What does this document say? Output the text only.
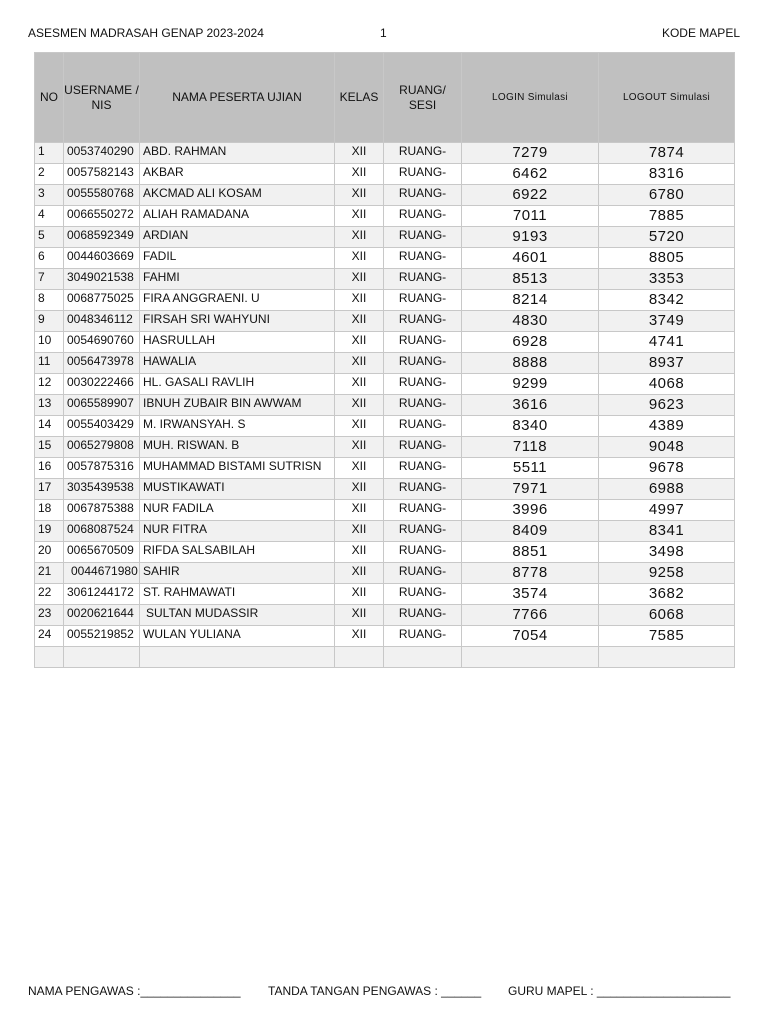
ASESMEN MADRASAH GENAP 2023-2024	1	KODE MAPEL
NO	USERNAME / NIS	NAMA PESERTA UJIAN	KELAS	RUANG/ SESI	LOGIN Simulasi	LOGOUT Simulasi
1	0053740290	ABD. RAHMAN	XII	RUANG-	7279	7874
2	0057582143	AKBAR	XII	RUANG-	6462	8316
3	0055580768	AKCMAD ALI KOSAM	XII	RUANG-	6922	6780
4	0066550272	ALIAH RAMADANA	XII	RUANG-	7011	7885
5	0068592349	ARDIAN	XII	RUANG-	9193	5720
6	0044603669	FADIL	XII	RUANG-	4601	8805
7	3049021538	FAHMI	XII	RUANG-	8513	3353
8	0068775025	FIRA ANGGRAENI. U	XII	RUANG-	8214	8342
9	0048346112	FIRSAH SRI WAHYUNI	XII	RUANG-	4830	3749
10	0054690760	HASRULLAH	XII	RUANG-	6928	4741
11	0056473978	HAWALIA	XII	RUANG-	8888	8937
12	0030222466	HL. GASALI RAVLIH	XII	RUANG-	9299	4068
13	0065589907	IBNUH ZUBAIR BIN AWWAM	XII	RUANG-	3616	9623
14	0055403429	M. IRWANSYAH. S	XII	RUANG-	8340	4389
15	0065279808	MUH. RISWAN. B	XII	RUANG-	7118	9048
16	0057875316	MUHAMMAD BISTAMI SUTRISN	XII	RUANG-	5511	9678
17	3035439538	MUSTIKAWATI	XII	RUANG-	7971	6988
18	0067875388	NUR FADILA	XII	RUANG-	3996	4997
19	0068087524	NUR FITRA	XII	RUANG-	8409	8341
20	0065670509	RIFDA SALSABILAH	XII	RUANG-	8851	3498
21	0044671980	SAHIR	XII	RUANG-	8778	9258
22	3061244172	ST. RAHMAWATI	XII	RUANG-	3574	3682
23	0020621644	SULTAN MUDASSIR	XII	RUANG-	7766	6068
24	0055219852	WULAN YULIANA	XII	RUANG-	7054	7585

NAMA PENGAWAS :_______________ TANDA TANGAN PENGAWAS : ______ GURU MAPEL : ____________________
